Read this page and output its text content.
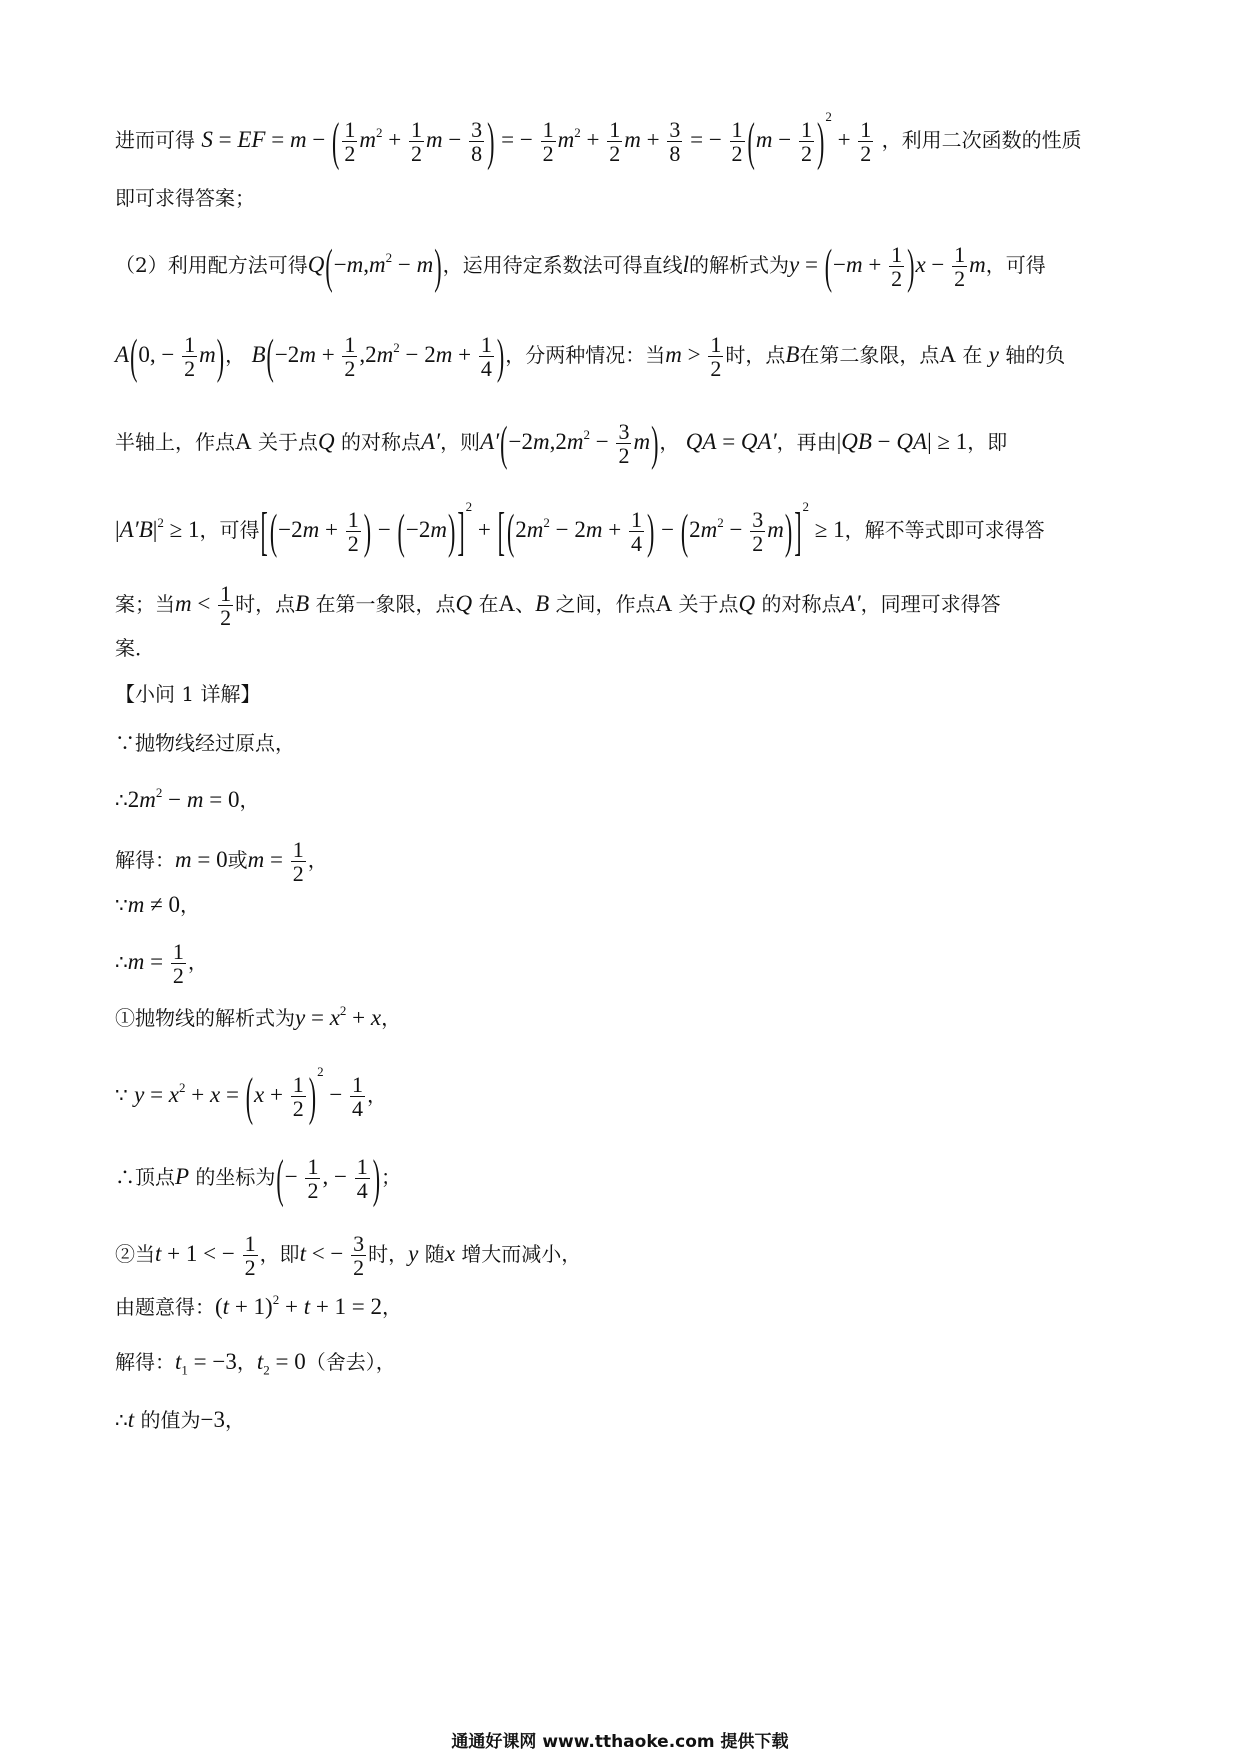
进而可得 S = EF = m − ( $\frac{1}{2} m^2 + \frac{1}{2}$ $m - \frac{3}{8}$ ) = − $\frac{1}{2} m^2 + \frac{1}{2}$ $m + \frac{3}{8}$ = − $\frac{1}{2} (m - \frac{1}{2} )^2 + \frac{1}{2}$ ，利用二次函数的性质
即可求得答案；
（2）利用配方法可得$Q(-m,m^2 - m)$，运用待定系数法可得直线l的解析式为$y = (-m + \frac{1}{2} )x - \frac{1}{2}$ m，可得
A(0, − $\frac{1}{2} m$)， $B(-2m + \frac{1}{2} ,2m^2 - 2m + \frac{1}{4}$ )，分两种情况：当$m > \frac{1}{2}$ 时，点B在第二象限，点A 在 y 轴的负
半轴上，作点A 关于点Q 的对称点A′，则$A'(-2m,2m^2 - \frac{3}{2} m)$， QA = QA′，再由|QB − QA| ≥ 1，即
$|A'B|^2 \ge 1$，可得[($-2m + \frac{1}{2}$ ) − $(-2m)]^2 + [(2m^2 - 2m + \frac{1}{4}$ ) − $(2m^2 - \frac{3}{2} m)]^2 \ge 1$，解不等式即可求得答
案；当$m < \frac{1}{2}$ 时，点B 在第一象限，点Q 在A、B 之间，作点A 关于点Q 的对称点A′，同理可求得答
案．
【小问 1 详解】
∵抛物线经过原点，
$\therefore 2m^2 - m = 0$，
解得：m = 0或$m = \frac{1}{2}$ ，
∵m ≠ 0，
∴m = $\frac{1}{2}$ ，
①抛物线的解析式为$y = x^2 + x$，
∵ $y = x^2 + x = (x + \frac{1}{2} )^2 - \frac{1}{4}$ ，
∴顶点P 的坐标为(− $\frac{1}{2}$ , − $\frac{1}{4}$ )；
②当t + 1 < − $\frac{1}{2}$ ，即t < − $\frac{3}{2}$ 时，y 随x 增大而减小，
由题意得：$(t + 1)^2 + t + 1 = 2$，
解得：$t_1 = -3$，$t_2 = 0$（舍去），
∴t 的值为−3，
通通好课网 www.tthaoke.com 提供下载
